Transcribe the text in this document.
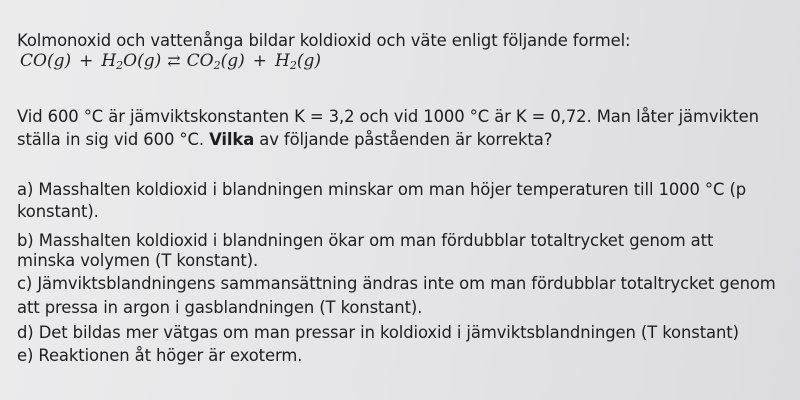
Kolmonoxid och vattenånga bildar koldioxid och väte enligt följande formel:
$CO(g) + H_2O(g)$ ⇄ $CO_2(g) + H_2(g)$
Vid 600 °C är jämviktskonstanten K = 3,2 och vid 1000 °C är K = 0,72. Man låter jämvikten
ställa in sig vid 600 °C. Vilka av följande påståenden är korrekta?
a) Masshalten koldioxid i blandningen minskar om man höjer temperaturen till 1000 °C (p
konstant).
b) Masshalten koldioxid i blandningen ökar om man fördubblar totaltrycket genom att
minska volymen (T konstant).
c) Jämviktsblandningens sammansättning ändras inte om man fördubblar totaltrycket genom
att pressa in argon i gasblandningen (T konstant).
d) Det bildas mer vätgas om man pressar in koldioxid i jämviktsblandningen (T konstant)
e) Reaktionen åt höger är exoterm.
